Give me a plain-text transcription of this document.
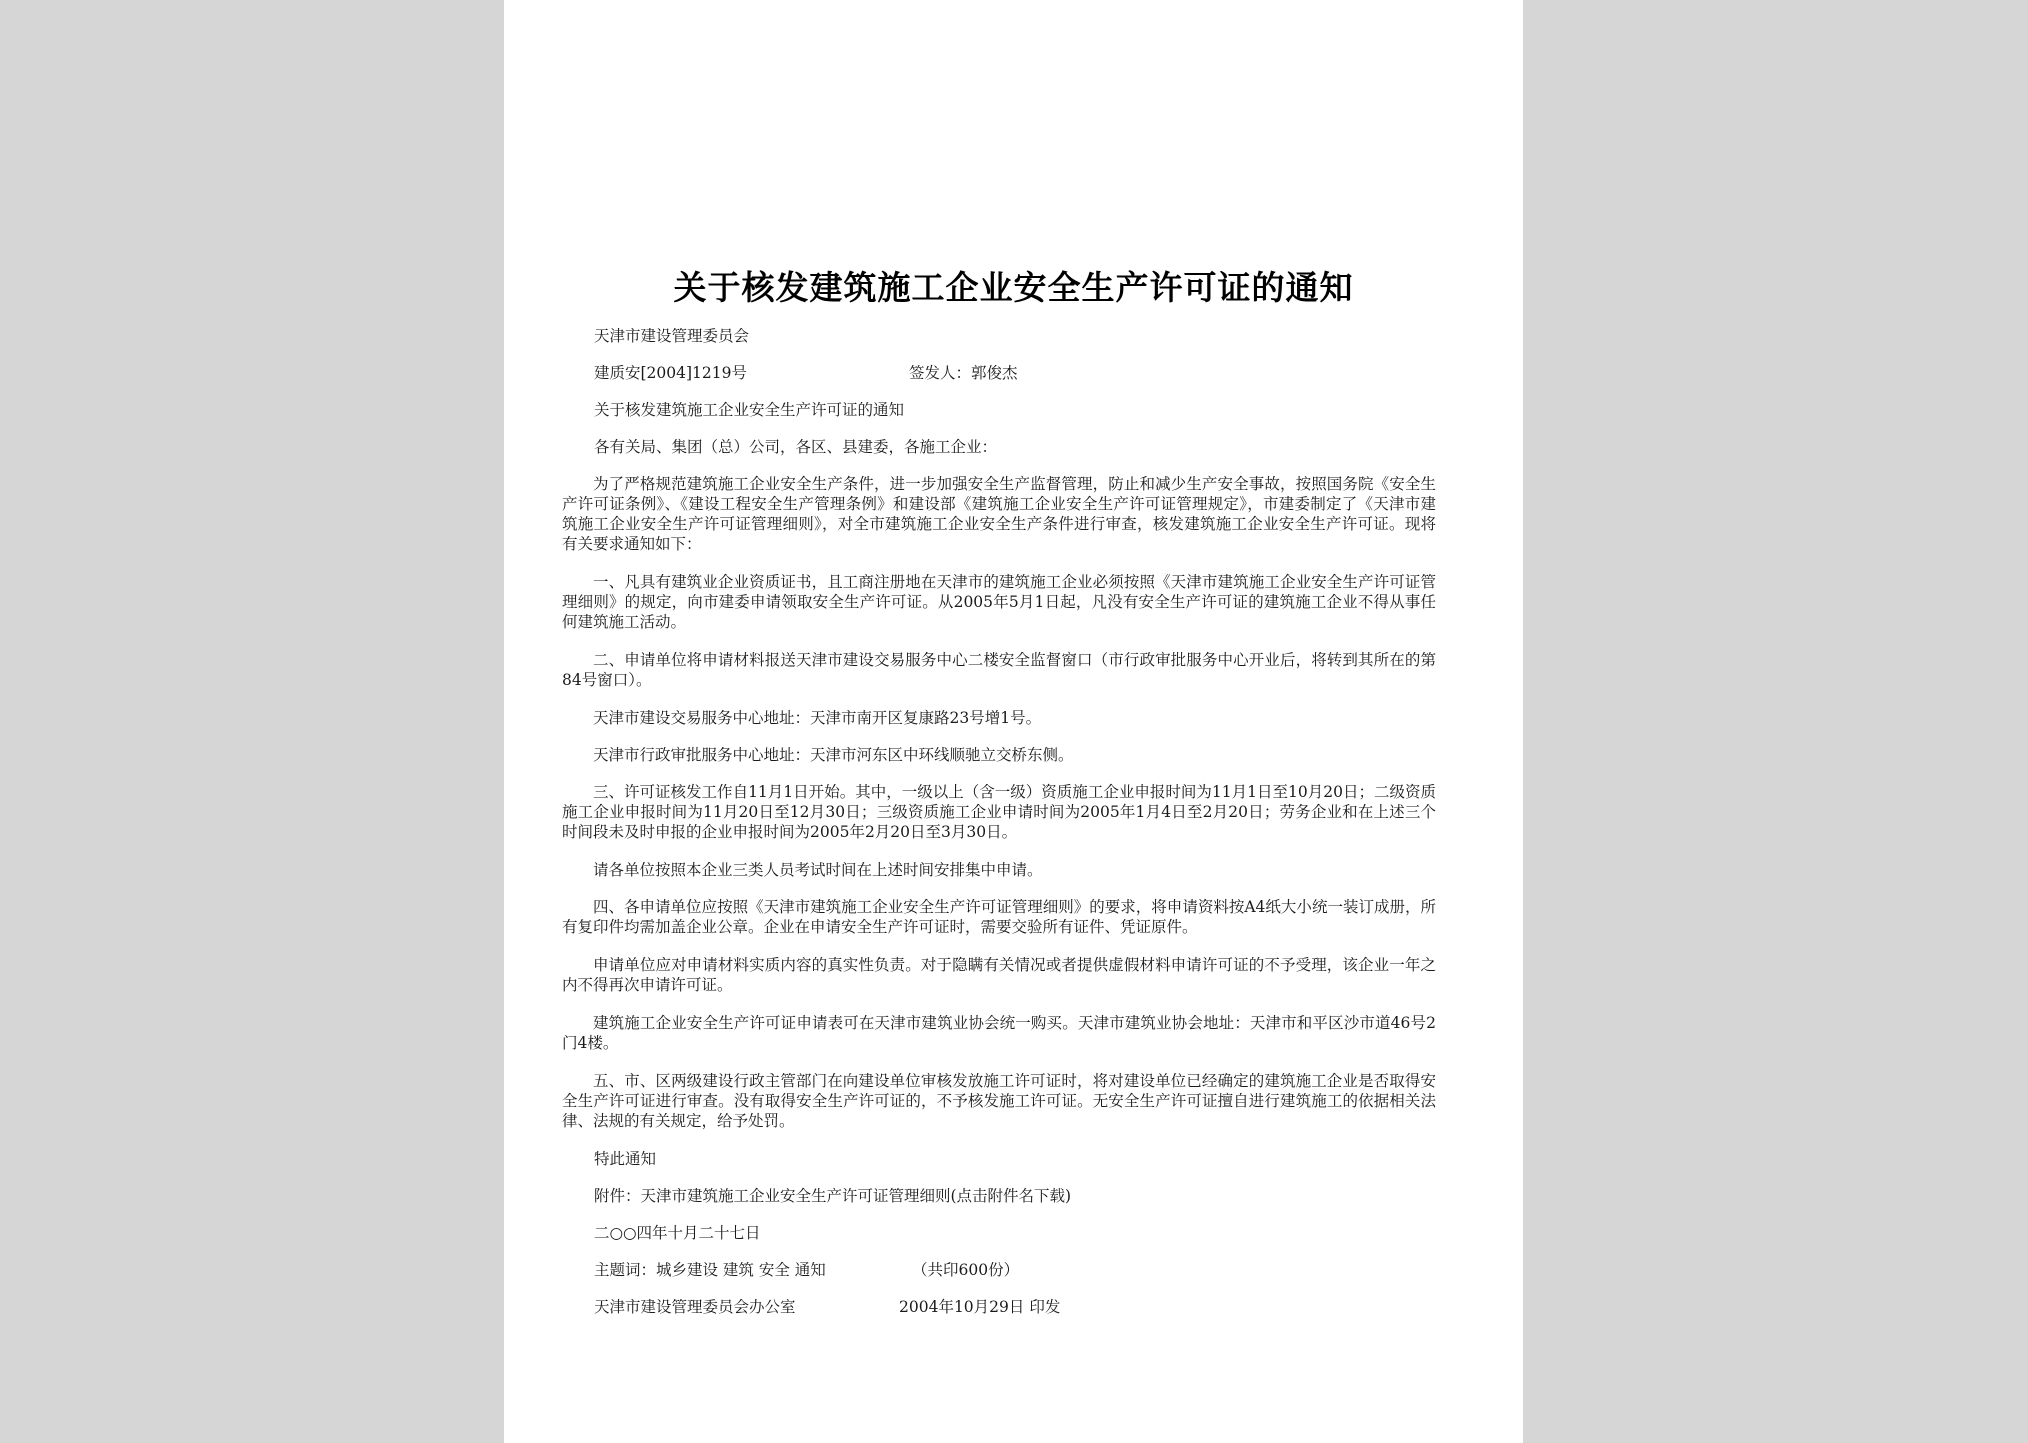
关于核发建筑施工企业安全生产许可证的通知
天津市建设管理委员会
建质安[2004]1219号	签发人：郭俊杰
关于核发建筑施工企业安全生产许可证的通知
各有关局、集团（总）公司，各区、县建委，各施工企业：
为了严格规范建筑施工企业安全生产条件，进一步加强安全生产监督管理，防止和减少生产安全事故，按照国务院《安全生产许可证条例》、《建设工程安全生产管理条例》和建设部《建筑施工企业安全生产许可证管理规定》，市建委制定了《天津市建筑施工企业安全生产许可证管理细则》，对全市建筑施工企业安全生产条件进行审查，核发建筑施工企业安全生产许可证。现将有关要求通知如下：
一、凡具有建筑业企业资质证书，且工商注册地在天津市的建筑施工企业必须按照《天津市建筑施工企业安全生产许可证管理细则》的规定，向市建委申请领取安全生产许可证。从2005年5月1日起，凡没有安全生产许可证的建筑施工企业不得从事任何建筑施工活动。
二、申请单位将申请材料报送天津市建设交易服务中心二楼安全监督窗口（市行政审批服务中心开业后，将转到其所在的第84号窗口）。
天津市建设交易服务中心地址：天津市南开区复康路23号增1号。
天津市行政审批服务中心地址：天津市河东区中环线顺驰立交桥东侧。
三、许可证核发工作自11月1日开始。其中，一级以上（含一级）资质施工企业申报时间为11月1日至10月20日；二级资质施工企业申报时间为11月20日至12月30日；三级资质施工企业申请时间为2005年1月4日至2月20日；劳务企业和在上述三个时间段未及时申报的企业申报时间为2005年2月20日至3月30日。
请各单位按照本企业三类人员考试时间在上述时间安排集中申请。
四、各申请单位应按照《天津市建筑施工企业安全生产许可证管理细则》的要求，将申请资料按A4纸大小统一装订成册，所有复印件均需加盖企业公章。企业在申请安全生产许可证时，需要交验所有证件、凭证原件。
申请单位应对申请材料实质内容的真实性负责。对于隐瞒有关情况或者提供虚假材料申请许可证的不予受理，该企业一年之内不得再次申请许可证。
建筑施工企业安全生产许可证申请表可在天津市建筑业协会统一购买。天津市建筑业协会地址：天津市和平区沙市道46号2门4楼。
五、市、区两级建设行政主管部门在向建设单位审核发放施工许可证时，将对建设单位已经确定的建筑施工企业是否取得安全生产许可证进行审查。没有取得安全生产许可证的，不予核发施工许可证。无安全生产许可证擅自进行建筑施工的依据相关法律、法规的有关规定，给予处罚。
特此通知
附件：天津市建筑施工企业安全生产许可证管理细则(点击附件名下载)
二○○四年十月二十七日
主题词：城乡建设 建筑 安全 通知	（共印600份）
天津市建设管理委员会办公室	2004年10月29日 印发
